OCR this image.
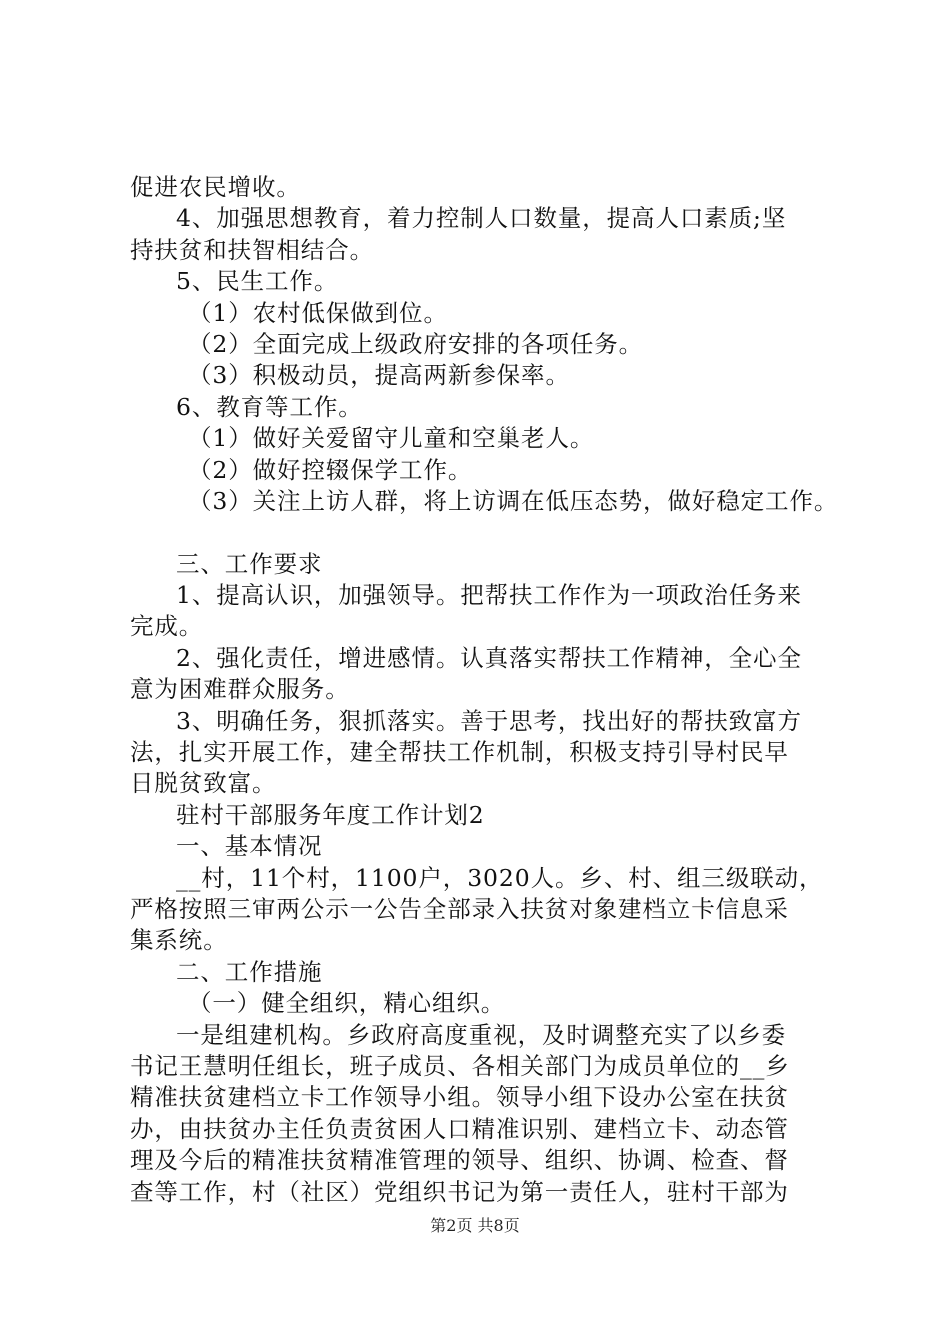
促进农民增收。
4、加强思想教育，着力控制人口数量，提高人口素质;坚
持扶贫和扶智相结合。
5、民生工作。
（1）农村低保做到位。
（2）全面完成上级政府安排的各项任务。
（3）积极动员，提高两新参保率。
6、教育等工作。
（1）做好关爱留守儿童和空巢老人。
（2）做好控辍保学工作。
（3）关注上访人群，将上访调在低压态势，做好稳定工作。
三、工作要求
1、提高认识，加强领导。把帮扶工作作为一项政治任务来
完成。
2、强化责任，增进感情。认真落实帮扶工作精神，全心全
意为困难群众服务。
3、明确任务，狠抓落实。善于思考，找出好的帮扶致富方
法，扎实开展工作，建全帮扶工作机制，积极支持引导村民早
日脱贫致富。
驻村干部服务年度工作计划2
一、基本情况
__村，11个村，1100户，3020人。乡、村、组三级联动，
严格按照三审两公示一公告全部录入扶贫对象建档立卡信息采
集系统。
二、工作措施
（一）健全组织，精心组织。
一是组建机构。乡政府高度重视，及时调整充实了以乡委
书记王慧明任组长，班子成员、各相关部门为成员单位的__乡
精准扶贫建档立卡工作领导小组。领导小组下设办公室在扶贫
办，由扶贫办主任负责贫困人口精准识别、建档立卡、动态管
理及今后的精准扶贫精准管理的领导、组织、协调、检查、督
查等工作，村（社区）党组织书记为第一责任人，驻村干部为
第2页 共8页
